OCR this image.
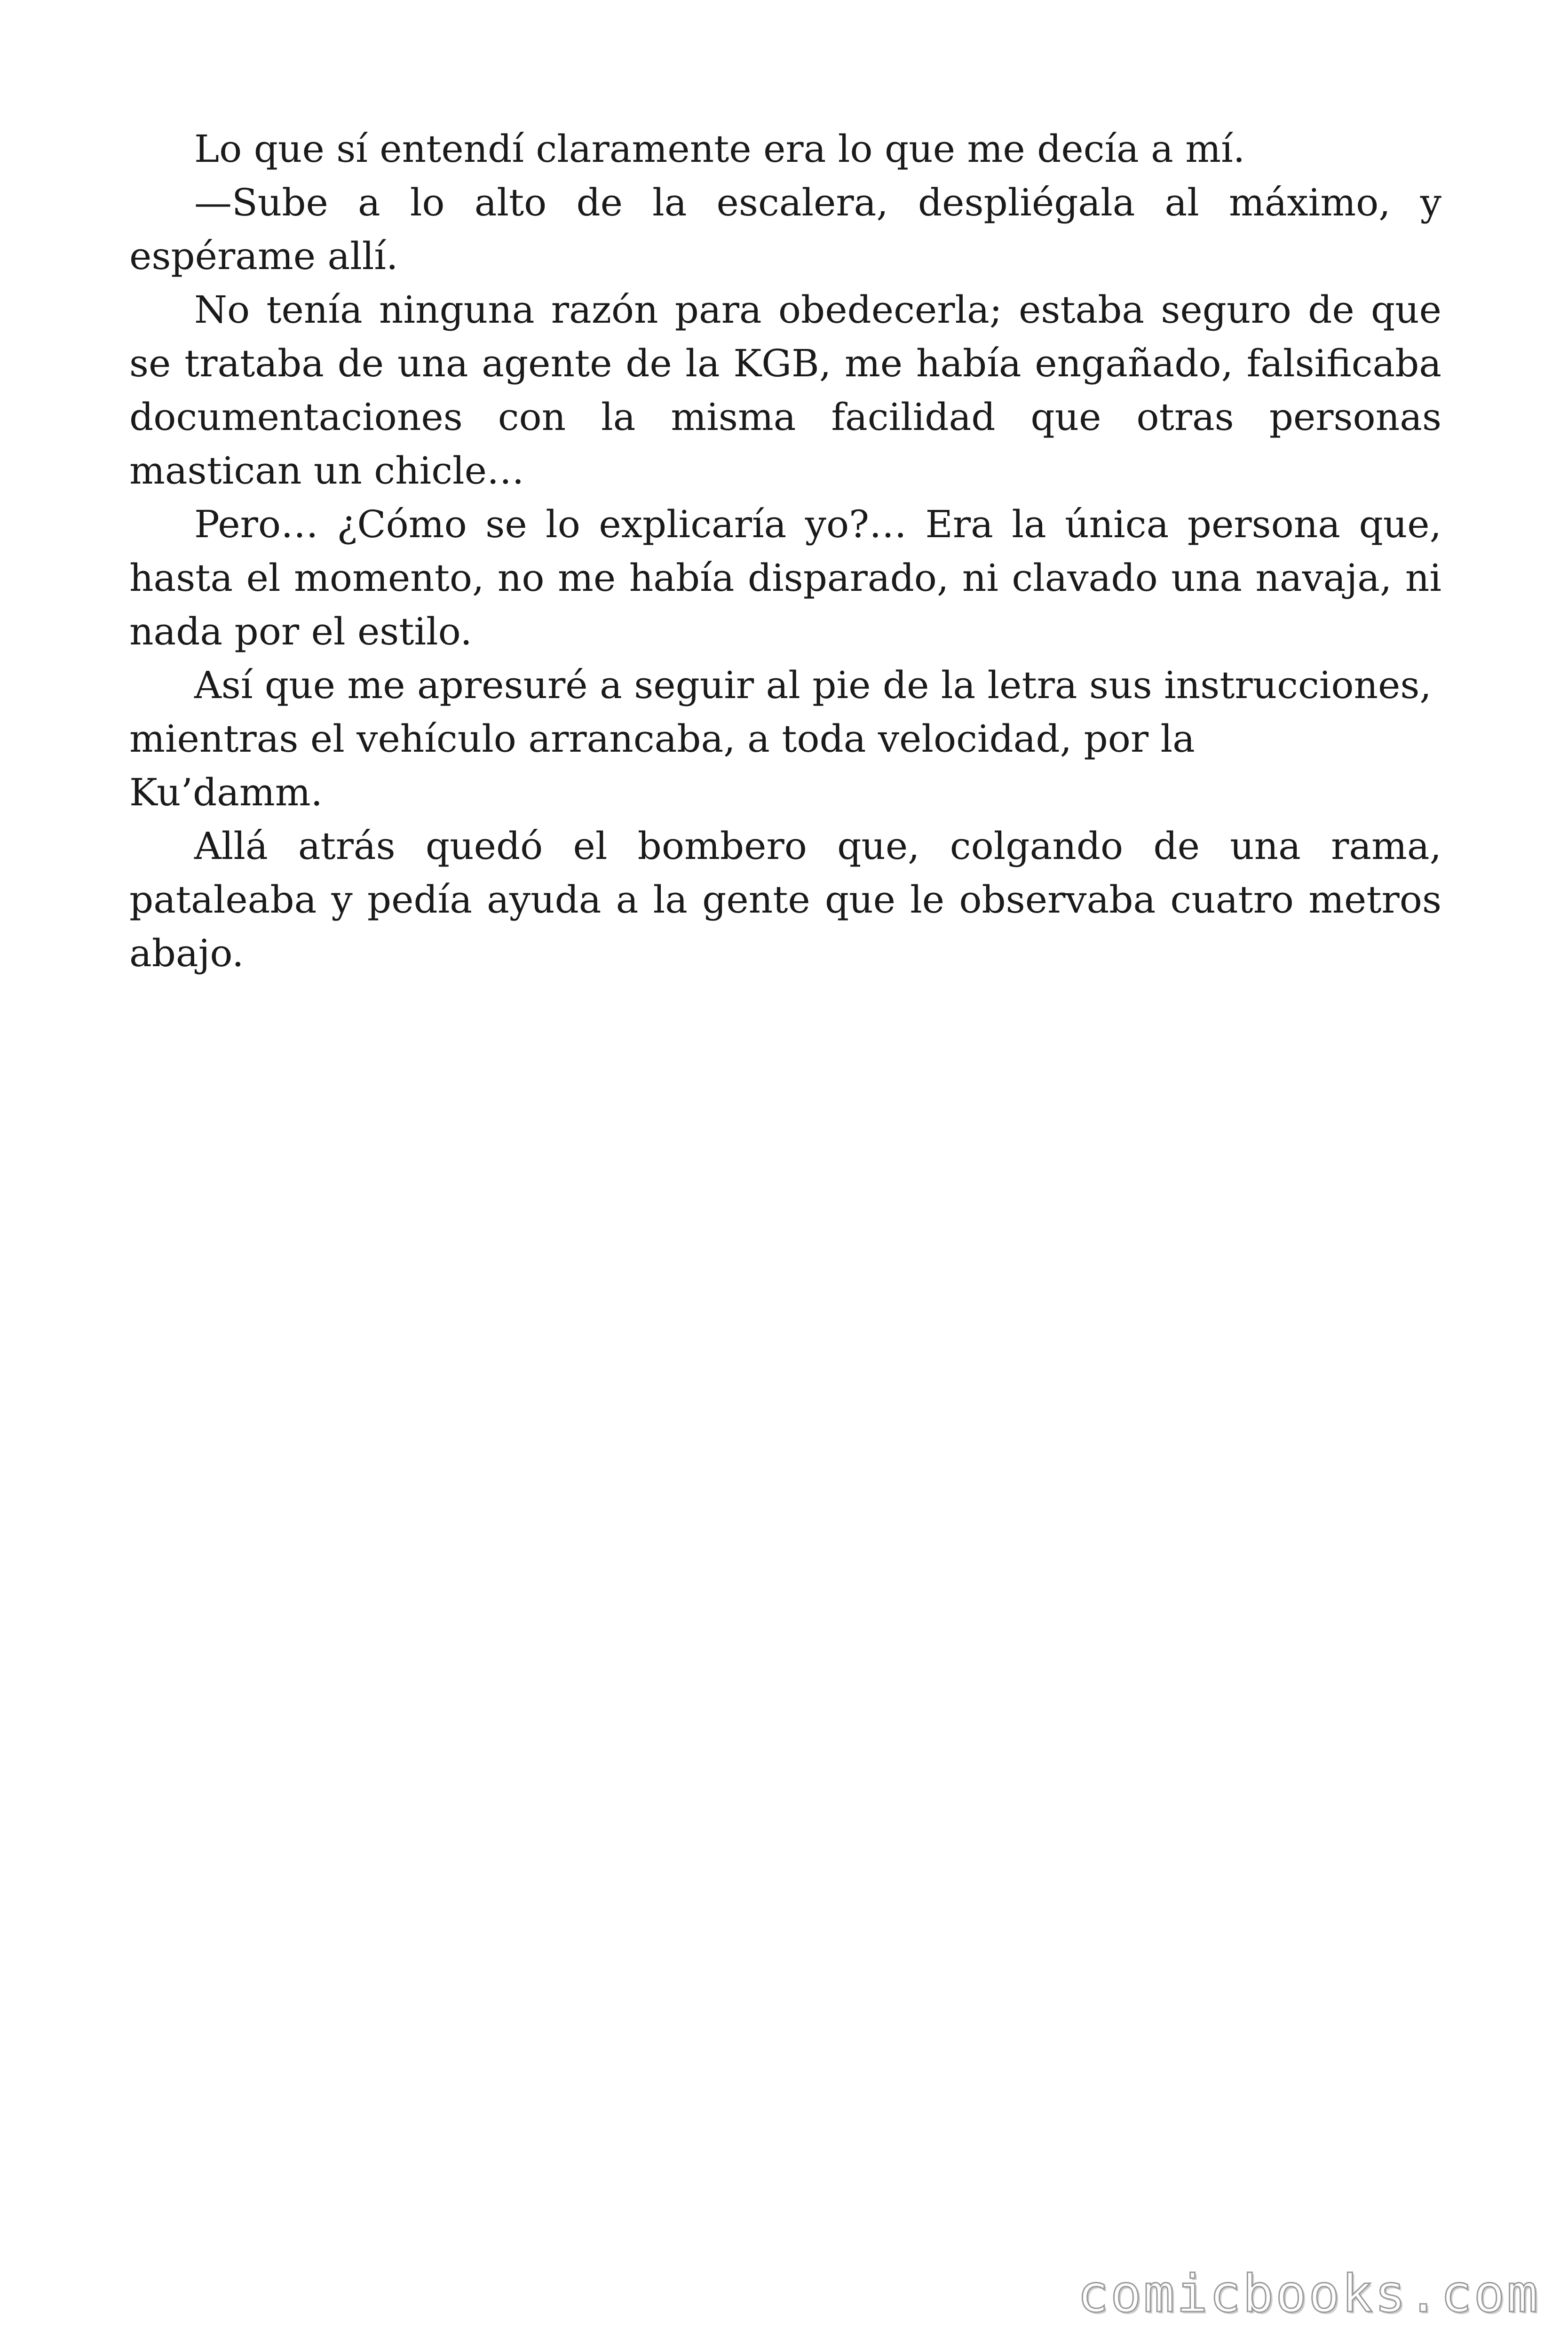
Lo que sí entendí claramente era lo que me decía a mí.

—Sube a lo alto de la escalera, despliégala al máximo, y espérame allí.

No tenía ninguna razón para obedecerla; estaba seguro de que se trataba de una agente de la KGB, me había engañado, falsificaba documentaciones con la misma facilidad que otras personas mastican un chicle…

Pero… ¿Cómo se lo explicaría yo?… Era la única persona que, hasta el momento, no me había disparado, ni clavado una navaja, ni nada por el estilo.

Así que me apresuré a seguir al pie de la letra sus instrucciones, mientras el vehículo arrancaba, a toda velocidad, por la

Ku’damm.

Allá atrás quedó el bombero que, colgando de una rama, pataleaba y pedía ayuda a la gente que le observaba cuatro metros abajo.

comicbooks.com
